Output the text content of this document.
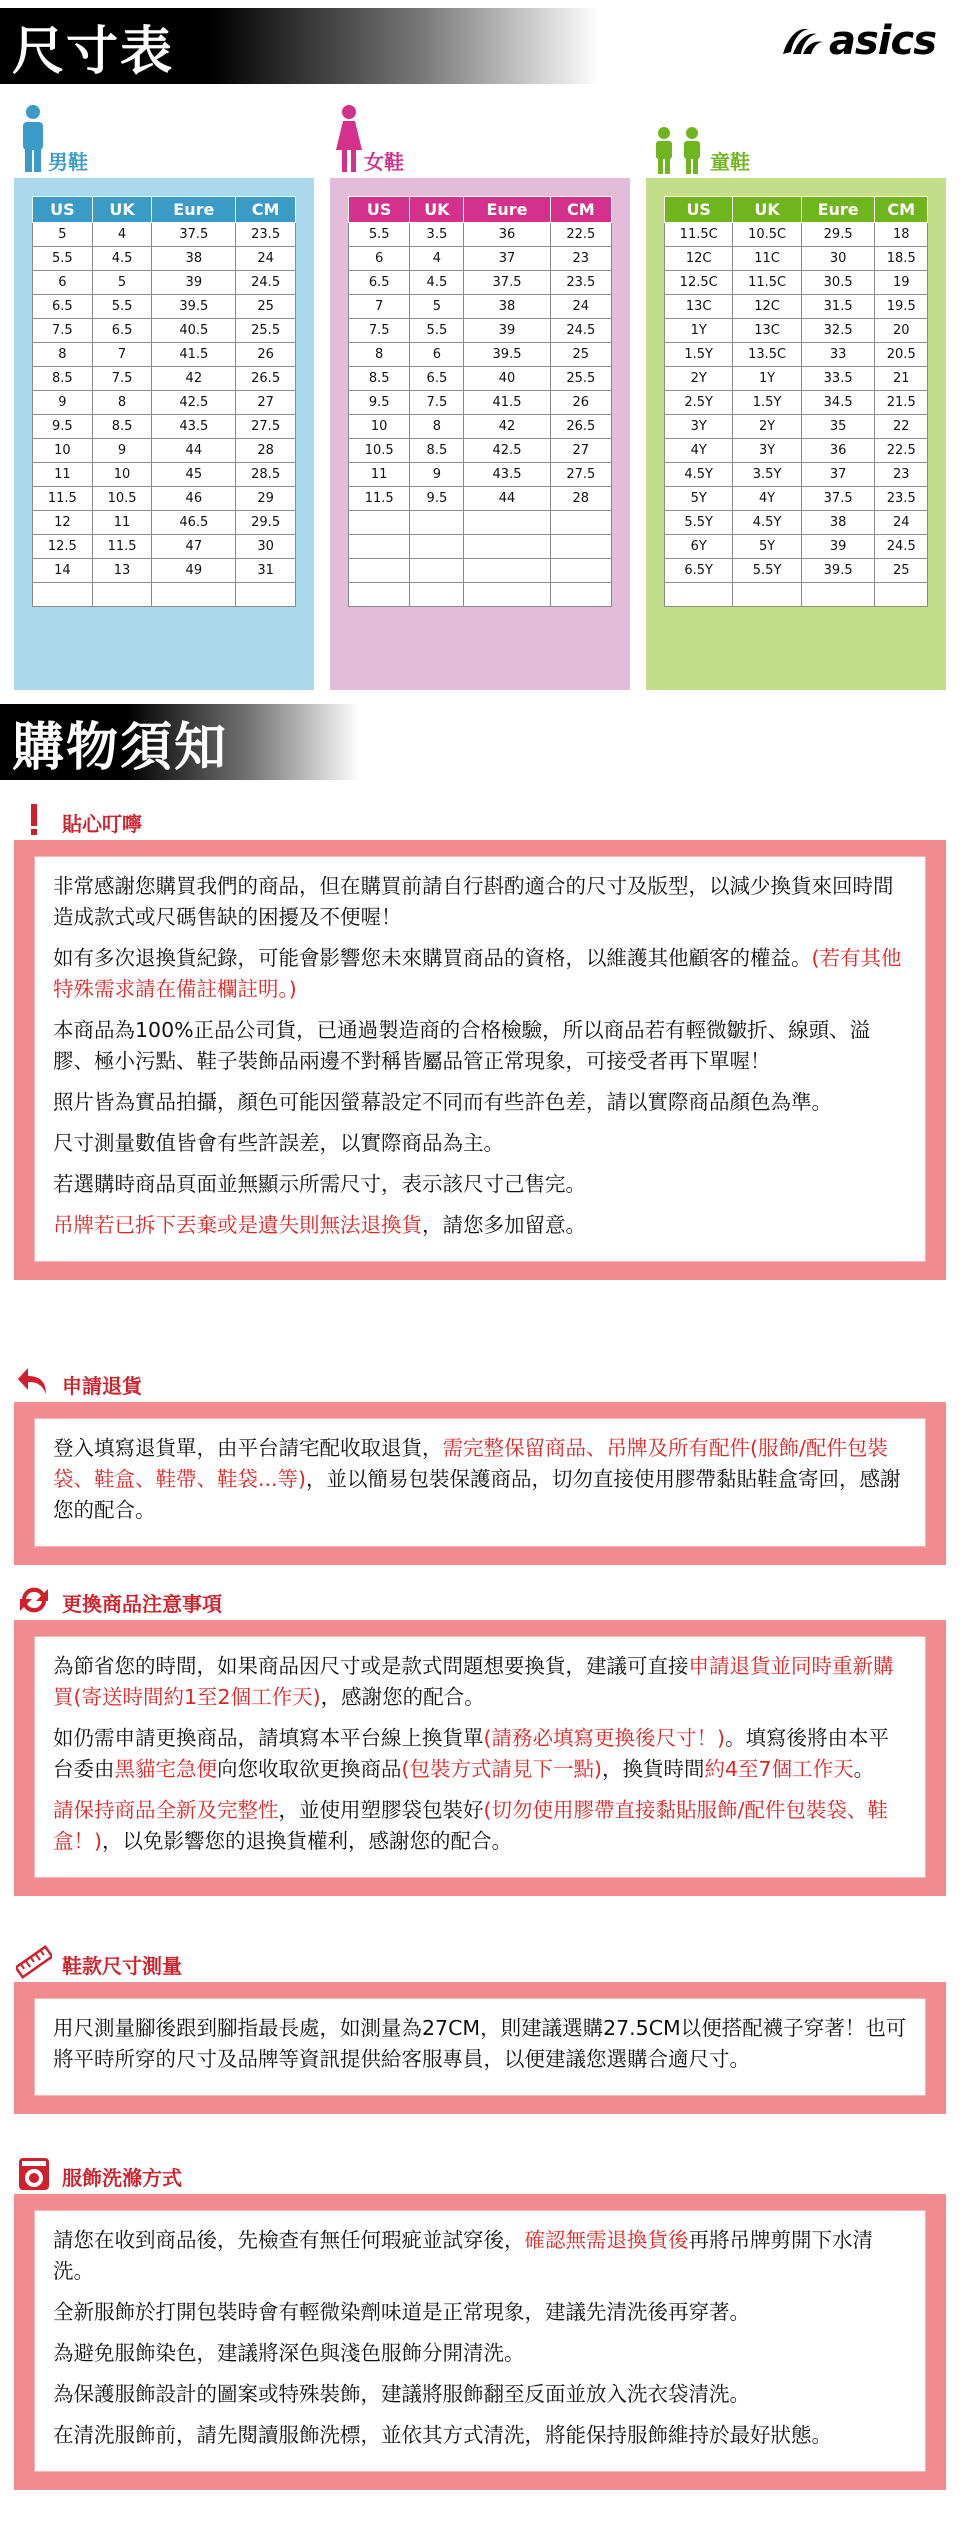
尺寸表	asics
男鞋
US	UK	Eure	CM
5	4	37.5	23.5
5.5	4.5	38	24
6	5	39	24.5
6.5	5.5	39.5	25
7.5	6.5	40.5	25.5
8	7	41.5	26
8.5	7.5	42	26.5
9	8	42.5	27
9.5	8.5	43.5	27.5
10	9	44	28
11	10	45	28.5
11.5	10.5	46	29
12	11	46.5	29.5
12.5	11.5	47	30
14	13	49	31

女鞋
US	UK	Eure	CM
5.5	3.5	36	22.5
6	4	37	23
6.5	4.5	37.5	23.5
7	5	38	24
7.5	5.5	39	24.5
8	6	39.5	25
8.5	6.5	40	25.5
9.5	7.5	41.5	26
10	8	42	26.5
10.5	8.5	42.5	27
11	9	43.5	27.5
11.5	9.5	44	28

童鞋
US	UK	Eure	CM
11.5C	10.5C	29.5	18
12C	11C	30	18.5
12.5C	11.5C	30.5	19
13C	12C	31.5	19.5
1Y	13C	32.5	20
1.5Y	13.5C	33	20.5
2Y	1Y	33.5	21
2.5Y	1.5Y	34.5	21.5
3Y	2Y	35	22
4Y	3Y	36	22.5
4.5Y	3.5Y	37	23
5Y	4Y	37.5	23.5
5.5Y	4.5Y	38	24
6Y	5Y	39	24.5
6.5Y	5.5Y	39.5	25

購物須知
貼心叮嚀

非常感謝您購買我們的商品，但在購買前請自行斟酌適合的尺寸及版型，以減少換貨來回時間造成款式或尺碼售缺的困擾及不便喔！

如有多次退換貨紀錄，可能會影響您未來購買商品的資格，以維護其他顧客的權益。(若有其他特殊需求請在備註欄註明。)

本商品為100%正品公司貨，已通過製造商的合格檢驗，所以商品若有輕微皺折、線頭、溢膠、極小污點、鞋子裝飾品兩邊不對稱皆屬品管正常現象，可接受者再下單喔！

照片皆為實品拍攝，顏色可能因螢幕設定不同而有些許色差，請以實際商品顏色為準。

尺寸測量數值皆會有些許誤差，以實際商品為主。

若選購時商品頁面並無顯示所需尺寸，表示該尺寸己售完。

吊牌若已拆下丟棄或是遺失則無法退換貨，請您多加留意。

申請退貨

登入填寫退貨單，由平台請宅配收取退貨，需完整保留商品、吊牌及所有配件(服飾/配件包裝袋、鞋盒、鞋帶、鞋袋...等)，並以簡易包裝保護商品，切勿直接使用膠帶黏貼鞋盒寄回，感謝您的配合。

更換商品注意事項

為節省您的時間，如果商品因尺寸或是款式問題想要換貨，建議可直接申請退貨並同時重新購買(寄送時間約1至2個工作天)，感謝您的配合。

如仍需申請更換商品，請填寫本平台線上換貨單(請務必填寫更換後尺寸！)。填寫後將由本平台委由黑貓宅急便向您收取欲更換商品(包裝方式請見下一點)，換貨時間約4至7個工作天。

請保持商品全新及完整性，並使用塑膠袋包裝好(切勿使用膠帶直接黏貼服飾/配件包裝袋、鞋盒！)，以免影響您的退換貨權利，感謝您的配合。

鞋款尺寸測量

用尺測量腳後跟到腳指最長處，如測量為27CM，則建議選購27.5CM以便搭配襪子穿著！也可將平時所穿的尺寸及品牌等資訊提供給客服專員，以便建議您選購合適尺寸。

服飾洗滌方式

請您在收到商品後，先檢查有無任何瑕疵並試穿後，確認無需退換貨後再將吊牌剪開下水清洗。

全新服飾於打開包裝時會有輕微染劑味道是正常現象，建議先清洗後再穿著。

為避免服飾染色，建議將深色與淺色服飾分開清洗。

為保護服飾設計的圖案或特殊裝飾，建議將服飾翻至反面並放入洗衣袋清洗。

在清洗服飾前，請先閱讀服飾洗標，並依其方式清洗，將能保持服飾維持於最好狀態。
